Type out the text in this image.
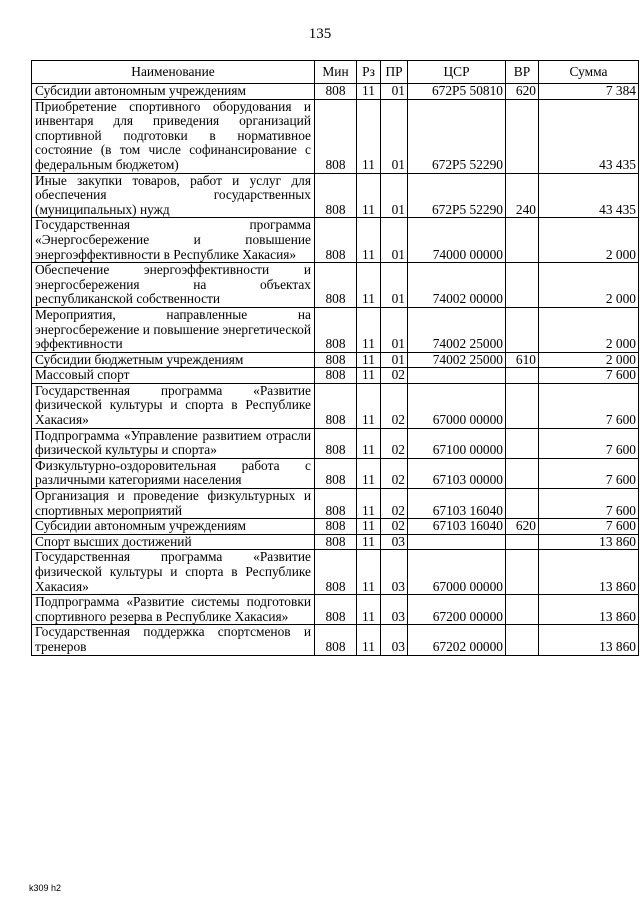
135
Наименование	Мин	Рз	ПР	ЦСР	ВР	Сумма
Субсидии автономным учреждениям	808	11	01	672Р5 50810	620	7 384
Приобретение спортивного оборудования и инвентаря для приведения организаций спортивной подготовки в нормативное состояние (в том числе софинансирование с федеральным бюджетом)	808	11	01	672Р5 52290		43 435
Иные закупки товаров, работ и услуг для обеспечения государственных (муниципальных) нужд	808	11	01	672Р5 52290	240	43 435
Государственная программа «Энергосбережение и повышение энергоэффективности в Республике Хакасия»	808	11	01	74000 00000		2 000
Обеспечение энергоэффективности и энергосбережения на объектах республиканской собственности	808	11	01	74002 00000		2 000
Мероприятия, направленные на энергосбережение и повышение энергетической эффективности	808	11	01	74002 25000		2 000
Субсидии бюджетным учреждениям	808	11	01	74002 25000	610	2 000
Массовый спорт	808	11	02			7 600
Государственная программа «Развитие физической культуры и спорта в Республике Хакасия»	808	11	02	67000 00000		7 600
Подпрограмма «Управление развитием отрасли физической культуры и спорта»	808	11	02	67100 00000		7 600
Физкультурно-оздоровительная работа с различными категориями населения	808	11	02	67103 00000		7 600
Организация и проведение физкультурных и спортивных мероприятий	808	11	02	67103 16040		7 600
Субсидии автономным учреждениям	808	11	02	67103 16040	620	7 600
Спорт высших достижений	808	11	03			13 860
Государственная программа «Развитие физической культуры и спорта в Республике Хакасия»	808	11	03	67000 00000		13 860
Подпрограмма «Развитие системы подготовки спортивного резерва в Республике Хакасия»	808	11	03	67200 00000		13 860
Государственная поддержка спортсменов и тренеров	808	11	03	67202 00000		13 860
k309 h2
